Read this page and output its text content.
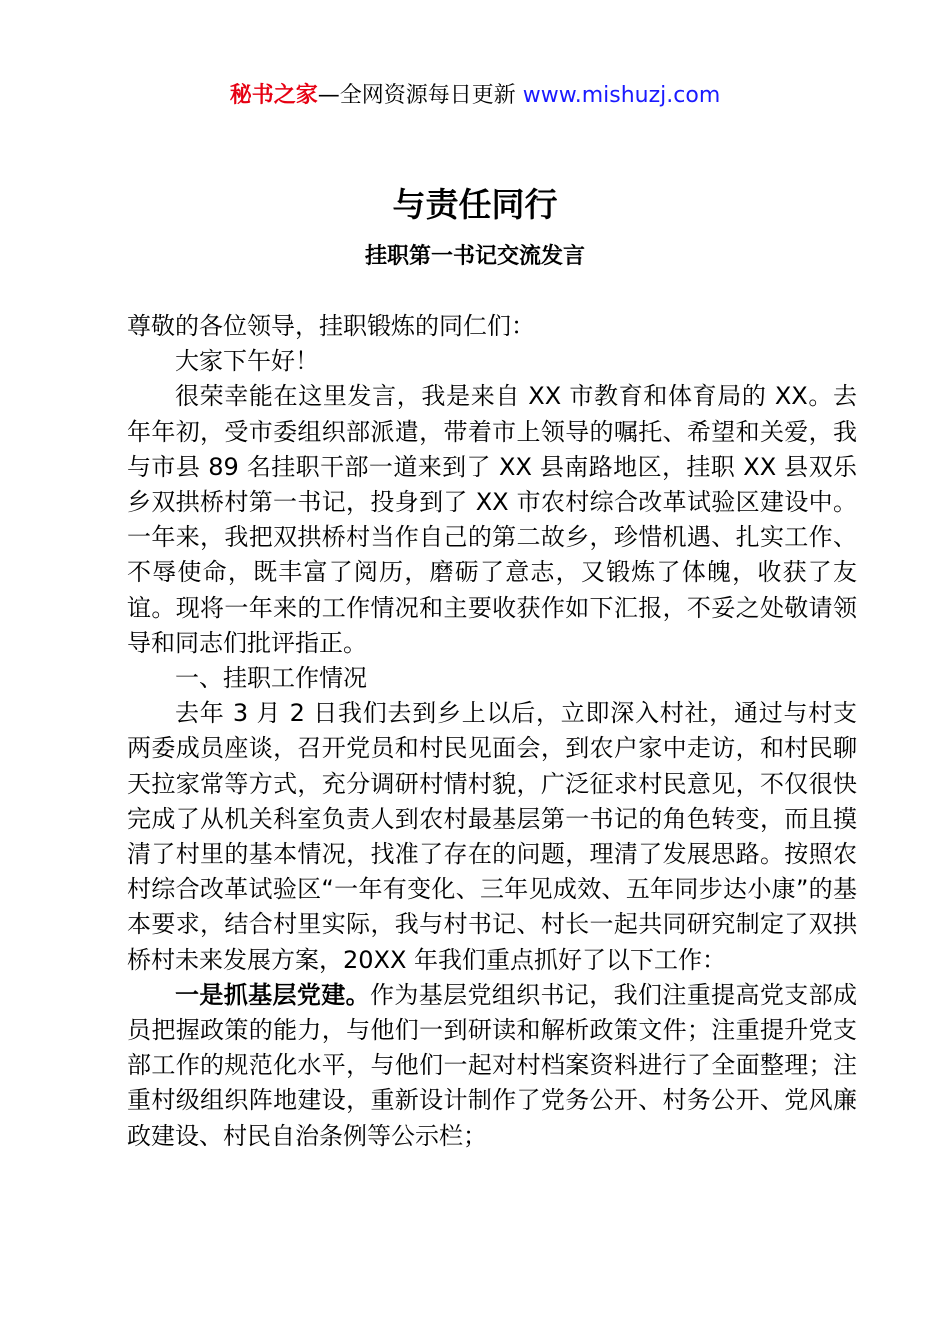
秘书之家—全网资源每日更新 www.mishuzj.com
与责任同行
挂职第一书记交流发言

尊敬的各位领导，挂职锻炼的同仁们：

大家下午好！

很荣幸能在这里发言，我是来自 XX 市教育和体育局的 XX。去年年初，受市委组织部派遣，带着市上领导的嘱托、希望和关爱，我与市县 89 名挂职干部一道来到了 XX 县南路地区，挂职 XX 县双乐乡双拱桥村第一书记，投身到了 XX 市农村综合改革试验区建设中。一年来，我把双拱桥村当作自己的第二故乡，珍惜机遇、扎实工作、不辱使命，既丰富了阅历，磨砺了意志，又锻炼了体魄，收获了友谊。现将一年来的工作情况和主要收获作如下汇报，不妥之处敬请领导和同志们批评指正。

一、挂职工作情况

去年 3 月 2 日我们去到乡上以后，立即深入村社，通过与村支两委成员座谈，召开党员和村民见面会，到农户家中走访，和村民聊天拉家常等方式，充分调研村情村貌，广泛征求村民意见，不仅很快完成了从机关科室负责人到农村最基层第一书记的角色转变，而且摸清了村里的基本情况，找准了存在的问题，理清了发展思路。按照农村综合改革试验区“一年有变化、三年见成效、五年同步达小康”的基本要求，结合村里实际，我与村书记、村长一起共同研究制定了双拱桥村未来发展方案，20XX 年我们重点抓好了以下工作：

一是抓基层党建。作为基层党组织书记，我们注重提高党支部成员把握政策的能力，与他们一到研读和解析政策文件；注重提升党支部工作的规范化水平，与他们一起对村档案资料进行了全面整理；注重村级组织阵地建设，重新设计制作了党务公开、村务公开、党风廉政建设、村民自治条例等公示栏；
